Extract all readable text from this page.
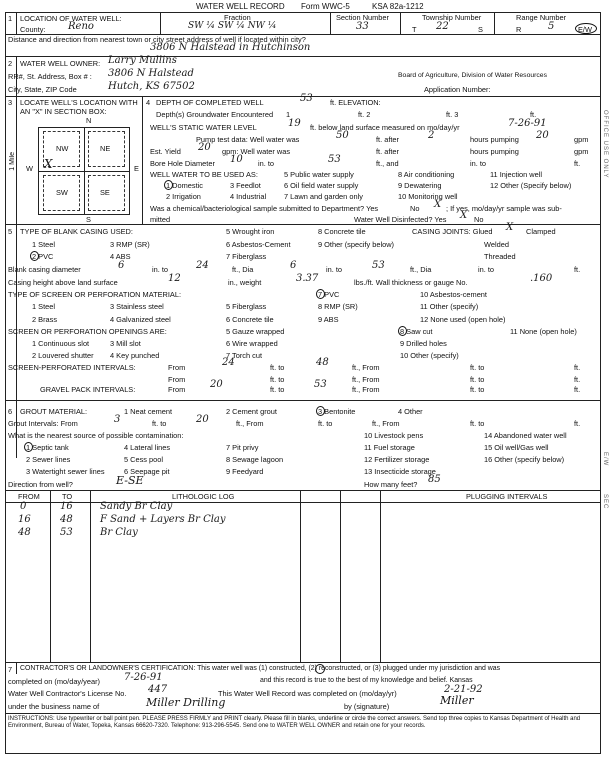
WATER WELL RECORD Form WWC-5	KSA 82a-1212
1 LOCATION OF WATER WELL:
County: Reno
Fraction
SW ¼ SW ¼ NW ¼
Section Number
33
Township Number
T 22	S
Range Number
R	5	E/W
Distance and direction from nearest town or city street address of well if located within city?
3806 N Halstead in Hutchinson
2 WATER WELL OWNER: Larry Mullins
RR#, St. Address, Box # : 3806 N Halstead
City, State, ZIP Code	Hutch, KS 67502
Board of Agriculture, Division of Water Resources
Application Number:
3 LOCATE WELL'S LOCATION WITH AN "X" IN SECTION BOX:
N
S
W	E
1 Mile
NW	NE
SW	SE
X
4 DEPTH OF COMPLETED WELL	53 ft. ELEVATION:
Depth(s) Groundwater Encountered 1	ft. 2	ft. 3	ft.
WELL'S STATIC WATER LEVEL	19 ft. below land surface measured on mo/day/yr	7-26-91
Pump test data: Well water was	50	ft. after	2	hours pumping 20	gpm
Est. Yield 20 gpm: Well water was	ft. after	hours pumping	gpm
Bore Hole Diameter 10 in. to	53	ft., and	in. to	ft.
WELL WATER TO BE USED AS:
1 Domestic
2 Irrigation
3 Feedlot
4 Industrial
5 Public water supply
6 Oil field water supply
7 Lawn and garden only
8 Air conditioning
9 Dewatering
10 Monitoring well
11 Injection well
12 Other (Specify below)
Was a chemical/bacteriological sample submitted to Department? Yes	No X ; If yes, mo/day/yr sample was sub-
mitted	Water Well Disinfected? Yes X No
5 TYPE OF BLANK CASING USED:
1 Steel
2 PVC
3 RMP (SR)
4 ABS
5 Wrought iron
6 Asbestos-Cement
7 Fiberglass
8 Concrete tile
9 Other (specify below)
CASING JOINTS: Glued X Clamped
Welded
Threaded
Blank casing diameter	6	in. to	24	ft., Dia	6	in. to	53	ft., Dia	in. to	ft.
Casing height above land surface	12	in., weight	3.37	lbs./ft. Wall thickness or gauge No.	.160
TYPE OF SCREEN OR PERFORATION MATERIAL:
1 Steel
2 Brass
3 Stainless steel
4 Galvanized steel
5 Fiberglass
6 Concrete tile
7 PVC
8 RMP (SR)
9 ABS
10 Asbestos-cement
11 Other (specify)
12 None used (open hole)
SCREEN OR PERFORATION OPENINGS ARE:
1 Continuous slot
2 Louvered shutter
3 Mill slot
4 Key punched
5 Gauze wrapped
6 Wire wrapped
7 Torch cut
8 Saw cut
9 Drilled holes
10 Other (specify)
11 None (open hole)
SCREEN-PERFORATED INTERVALS:	From	24	ft. to	48	ft., From	ft. to	ft.
From	ft. to	ft., From	ft. to	ft.
GRAVEL PACK INTERVALS:	From 20	ft. to	53	ft., From	ft. to	ft.
6 GROUT MATERIAL:	1 Neat cement	2 Cement grout	3 Bentonite	4 Other
Grout Intervals: From	3	ft. to	20	ft., From	ft. to	ft., From	ft. to	ft.
What is the nearest source of possible contamination:
1 Septic tank
2 Sewer lines
3 Watertight sewer lines
4 Lateral lines
5 Cess pool
6 Seepage pit
7 Pit privy
8 Sewage lagoon
9 Feedyard
10 Livestock pens
11 Fuel storage
12 Fertilizer storage
13 Insecticide storage
14 Abandoned water well
15 Oil well/Gas well
16 Other (specify below)
Direction from well?	E-SE	How many feet? 85
FROM	TO	LITHOLOGIC LOG	PLUGGING INTERVALS
0	16	Sandy Br Clay
16	48	F Sand + Layers Br Clay
48	53	Br Clay
7 CONTRACTOR'S OR LANDOWNER'S CERTIFICATION: This water well was (1) constructed, (2) reconstructed, or (3) plugged under my jurisdiction and was
completed on (mo/day/year) 7-26-91	and this record is true to the best of my knowledge and belief. Kansas
Water Well Contractor's License No. 447	This Water Well Record was completed on (mo/day/yr)	2-21-92
under the business name of	Miller Drilling	by (signature)	Miller
INSTRUCTIONS: Use typewriter or ball point pen. PLEASE PRESS FIRMLY and PRINT clearly. Please fill in blanks, underline or circle the correct answers. Send top three copies to Kansas Department of Health and Environment, Bureau of Water, Topeka, Kansas 66620-7320. Telephone: 913-296-5545. Send one to WATER WELL OWNER and retain one for your records.
OFFICE USE ONLY
E/W
SEC
